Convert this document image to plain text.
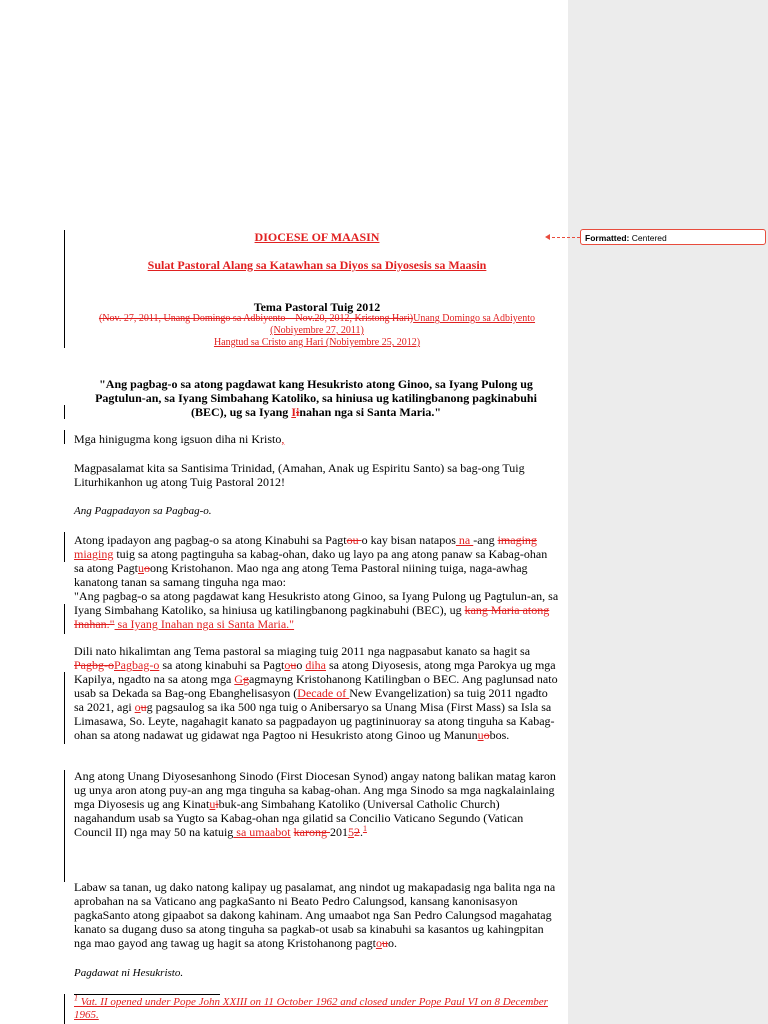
Formatted: Centered
DIOCESE OF MAASIN
Sulat Pastoral Alang sa Katawhan sa Diyos sa Diyosesis sa Maasin
Tema Pastoral Tuig 2012
(Nov. 27, 2011, Unang Domingo sa Adbiyento – Nov.20, 2012, Kristong Hari)Unang Domingo sa Adbiyento
(Nobiyembre 27, 2011)
Hangtud sa Cristo ang Hari (Nobiyembre 25, 2012)
"Ang pagbag-o sa atong pagdawat kang Hesukristo atong Ginoo, sa Iyang Pulong ug Pagtulun-an, sa Iyang Simbahang Katoliko, sa hiniusa ug katilingbanong pagkinabuhi (BEC), ug sa Iyang Iinahan nga si Santa Maria."
Mga hinigugma kong igsuon diha ni Kristo,
Magpasalamat kita sa Santisima Trinidad, (Amahan, Anak ug Espiritu Santo) sa bag-ong Tuig Liturhikanhon ug atong Tuig Pastoral 2012!
Ang Pagpadayon sa Pagbag-o.

Atong ipadayon ang pagbag-o sa atong Kinabuhi sa Pagtou o kay bisan natapos na -ang imaging miaging tuig sa atong pagtinguha sa kabag-ohan, dako ug layo pa ang atong panaw sa Kabag-ohan sa atong Pagtuoong Kristohanon. Mao nga ang atong Tema Pastoral niining tuiga, naga-awhag kanatong tanan sa samang tinguha nga mao:

"Ang pagbag-o sa atong pagdawat kang Hesukristo atong Ginoo, sa Iyang Pulong ug Pagtulun-an, sa Iyang Simbahang Katoliko, sa hiniusa ug katilingbanong pagkinabuhi (BEC), ug kang Maria atong Inahan." sa Iyang Inahan nga si Santa Maria."

Dili nato hikalimtan ang Tema pastoral sa miaging tuig 2011 nga nagpasabut kanato sa hagit sa Pagbg-oPagbag-o sa atong kinabuhi sa Pagtouo diha sa atong Diyosesis, atong mga Parokya ug mga Kapilya, ngadto na sa atong mga Ggagmayng Kristohanong Katilingban o BEC. Ang paglunsad nato usab sa Dekada sa Bag-ong Ebanghelisasyon (Decade of New Evangelization) sa tuig 2011 ngadto sa 2021, agi oug pagsaulog sa ika 500 nga tuig o Anibersaryo sa Unang Misa (First Mass) sa Isla sa Limasawa, So. Leyte, nagahagit kanato sa pagpadayon ug pagtininuoray sa atong tinguha sa Kabag-ohan sa atong nadawat ug gidawat nga Pagtoo ni Hesukristo atong Ginoo ug Manunuobos.
Ang atong Unang Diyosesanhong Sinodo (First Diocesan Synod) angay natong balikan matag karon ug unya aron atong puy-an ang mga tinguha sa kabag-ohan. Ang mga Sinodo sa mga nagkalainlaing mga Diyosesis ug ang Kinatuibuk-ang Simbahang Katoliko (Universal Catholic Church) nagahandum usab sa Yugto sa Kabag-ohan nga gilatid sa Concilio Vaticano Segundo (Vatican Council II) nga may 50 na katuig sa umaabot karong 20152.$^1$
Labaw sa tanan, ug dako natong kalipay ug pasalamat, ang nindot ug makapadasig nga balita nga na aprobahan na sa Vaticano ang pagkaSanto ni Beato Pedro Calungsod, kansang kanonisasyon pagkaSanto atong gipaabot sa dakong kahinam. Ang umaabot nga San Pedro Calungsod magahatag kanato sa dugang duso sa atong tinguha sa pagkab-ot usab sa kinabuhi sa kasantos ug kahingpitan nga mao gayod ang tawag ug hagit sa atong Kristohanong pagtouo.
Pagdawat ni Hesukristo.
$^1$ Vat. II opened under Pope John XXIII on 11 October 1962 and closed under Pope Paul VI on 8 December 1965.
